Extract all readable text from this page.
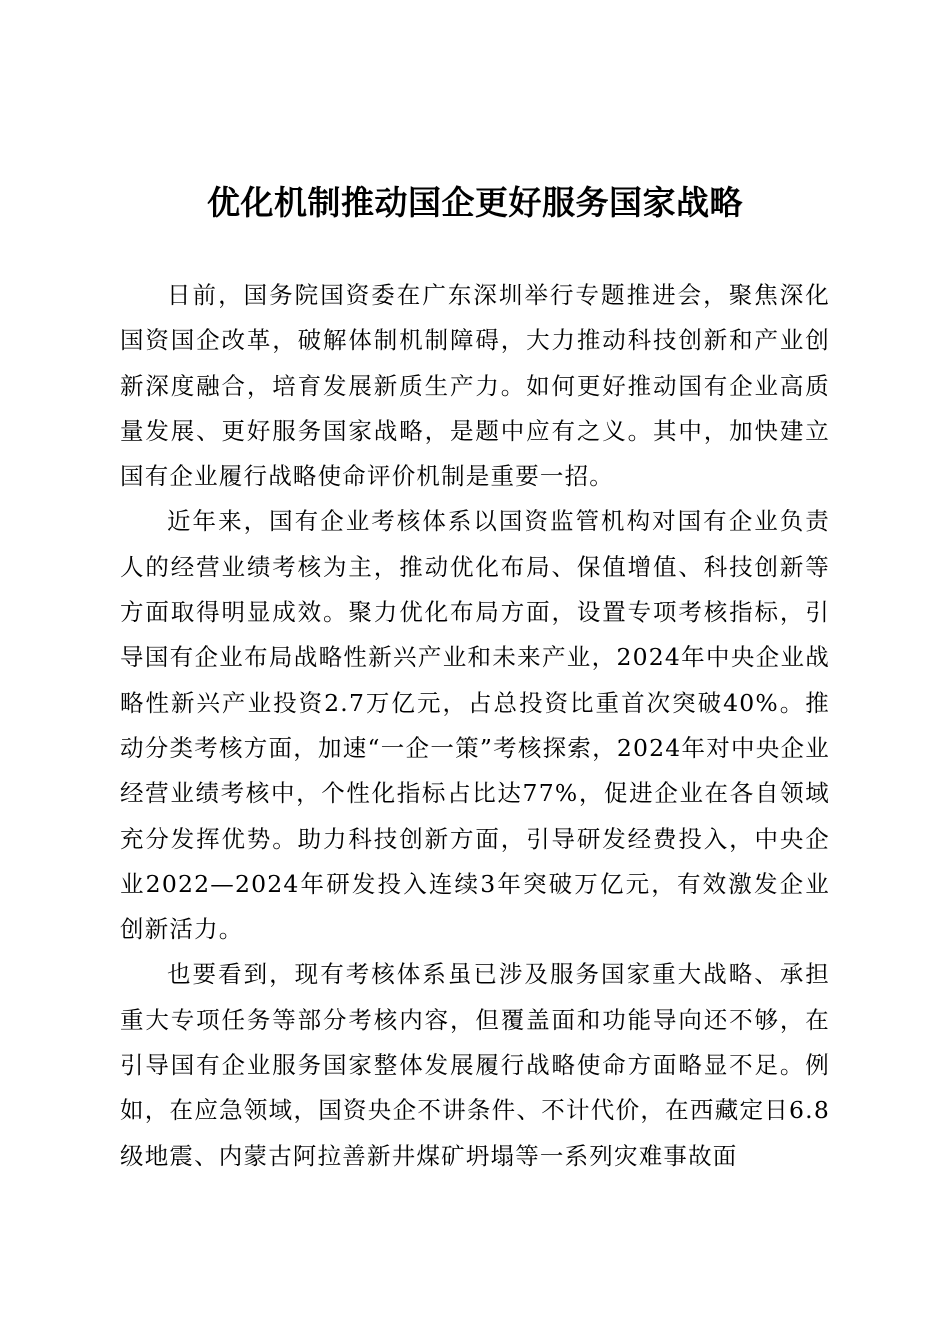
优化机制推动国企更好服务国家战略

日前，国务院国资委在广东深圳举行专题推进会，聚焦深化国资国企改革，破解体制机制障碍，大力推动科技创新和产业创新深度融合，培育发展新质生产力。如何更好推动国有企业高质量发展、更好服务国家战略，是题中应有之义。其中，加快建立国有企业履行战略使命评价机制是重要一招。

近年来，国有企业考核体系以国资监管机构对国有企业负责人的经营业绩考核为主，推动优化布局、保值增值、科技创新等方面取得明显成效。聚力优化布局方面，设置专项考核指标，引导国有企业布局战略性新兴产业和未来产业，2024年中央企业战略性新兴产业投资2.7万亿元，占总投资比重首次突破40%。推动分类考核方面，加速“一企一策”考核探索，2024年对中央企业经营业绩考核中，个性化指标占比达77%，促进企业在各自领域充分发挥优势。助力科技创新方面，引导研发经费投入，中央企业2022—2024年研发投入连续3年突破万亿元，有效激发企业创新活力。

也要看到，现有考核体系虽已涉及服务国家重大战略、承担重大专项任务等部分考核内容，但覆盖面和功能导向还不够，在引导国有企业服务国家整体发展履行战略使命方面略显不足。例如，在应急领域，国资央企不讲条件、不计代价，在西藏定日6.8级地震、内蒙古阿拉善新井煤矿坍塌等一系列灾难事故面
